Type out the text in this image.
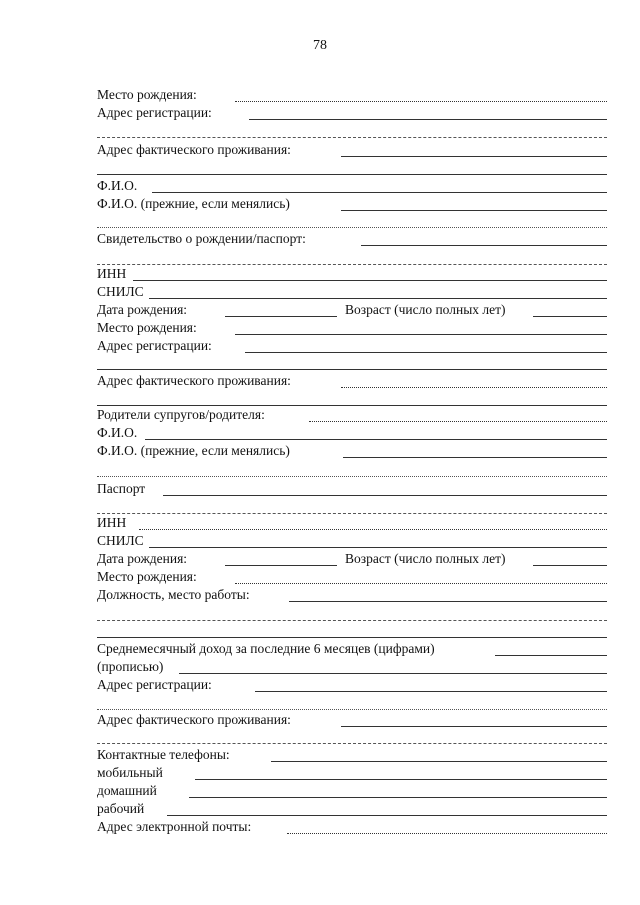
78
Место рождения:
Адрес регистрации:
Адрес фактического проживания:
Ф.И.О.
Ф.И.О. (прежние, если менялись)
Свидетельство о рождении/паспорт:
ИНН
СНИЛС
Дата рождения:	Возраст (число полных лет)
Место рождения:
Адрес регистрации:
Адрес фактического проживания:
Родители супругов/родителя:
Ф.И.О.
Ф.И.О. (прежние, если менялись)
Паспорт
ИНН
СНИЛС
Дата рождения:	Возраст (число полных лет)
Место рождения:
Должность, место работы:
Среднемесячный доход за последние 6 месяцев (цифрами)
(прописью)
Адрес регистрации:
Адрес фактического проживания:
Контактные телефоны:
мобильный
домашний
рабочий
Адрес электронной почты:
